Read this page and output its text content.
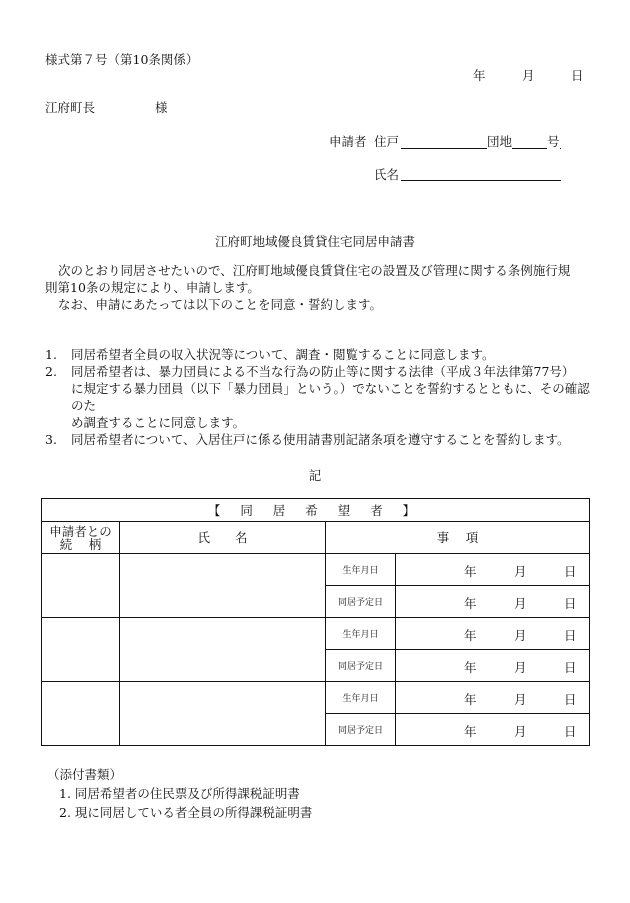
様式第７号（第10条関係）
年	月	日
江府町長	様
申請者 住戸	団地	号
氏名
江府町地域優良賃貸住宅同居申請書

次のとおり同居させたいので、江府町地域優良賃貸住宅の設置及び管理に関する条例施行規

則第10条の規定により、申請します。

なお、申請にあたっては以下のことを同意・誓約します。

1. 同居希望者全員の収入状況等について、調査・閲覧することに同意します。
2. 同居希望者は、暴力団員による不当な行為の防止等に関する法律（平成３年法律第77号）
に規定する暴力団員（以下「暴力団員」という。）でないことを誓約するとともに、その確認のた
め調査することに同意します。
3. 同居希望者について、入居住戸に係る使用請書別記諸条項を遵守することを誓約します。
記
【 同 居 希 望 者 】			

申請者との
続　 柄	氏　　名	事　 項	
		生年月日	年 月 日

		同居予定日	年 月 日

		生年月日	年 月 日

		同居予定日	年 月 日

		生年月日	年 月 日

		同居予定日	年 月 日
（添付書類）
1. 同居希望者の住民票及び所得課税証明書
2. 現に同居している者全員の所得課税証明書
